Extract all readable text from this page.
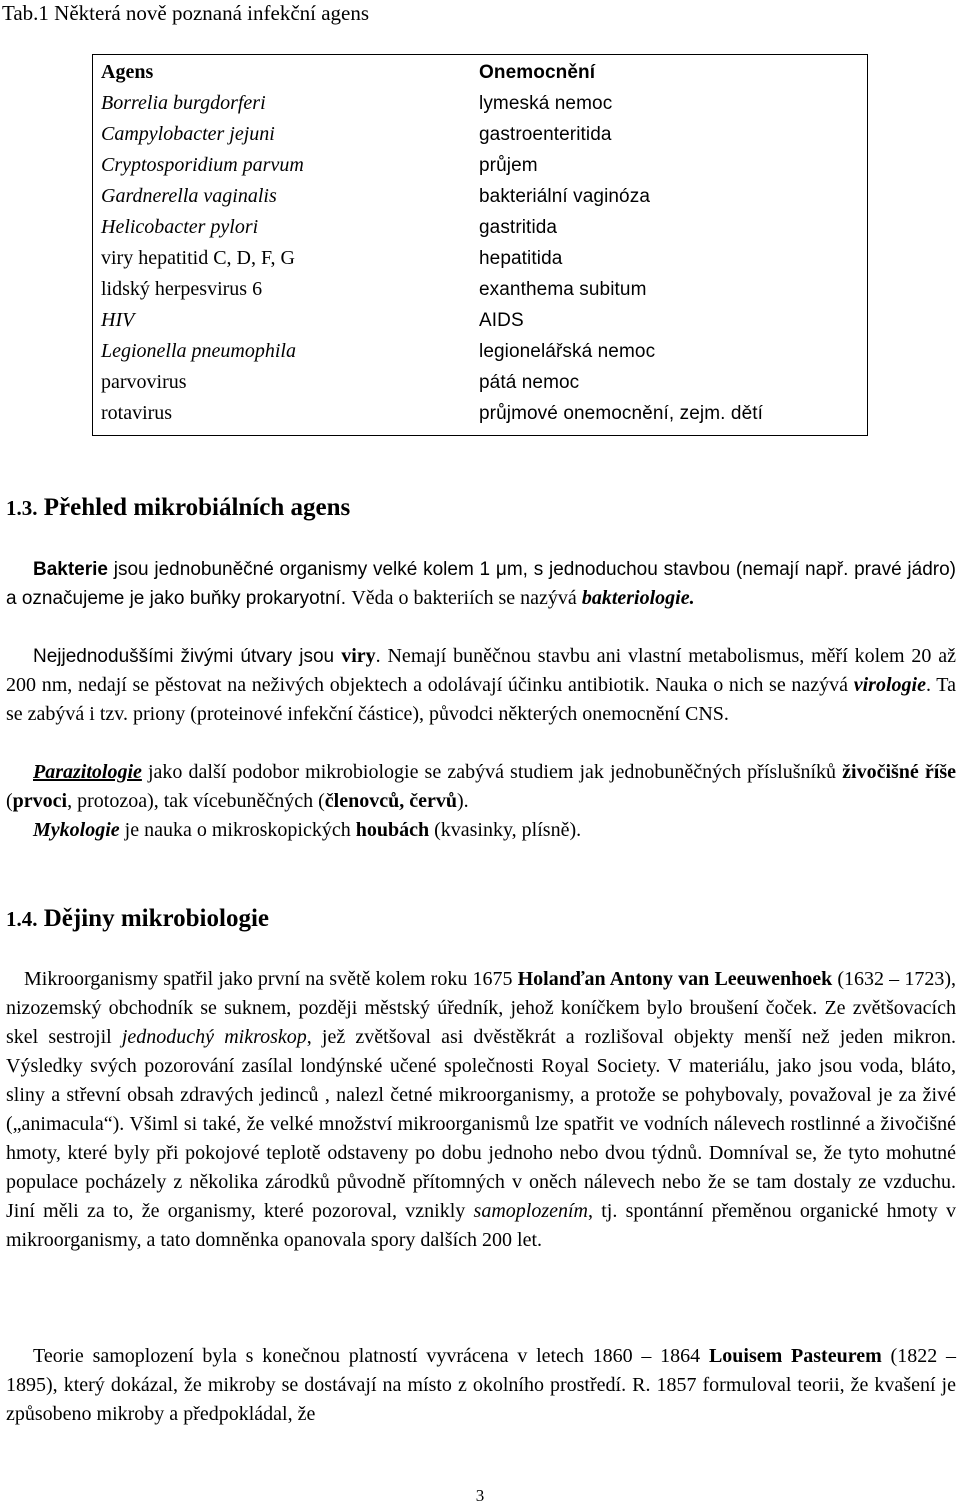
Tab.1 Některá nově poznaná infekční agens
Agens	Onemocnění
Borrelia burgdorferi	lymeská nemoc
Campylobacter jejuni	gastroenteritida
Cryptosporidium parvum	průjem
Gardnerella vaginalis	bakteriální vaginóza
Helicobacter pylori	gastritida
viry hepatitid C, D, F, G	hepatitida
lidský herpesvirus 6	exanthema subitum
HIV	AIDS
Legionella pneumophila	legionelářská nemoc
parvovirus	pátá nemoc
rotavirus	průjmové onemocnění, zejm. dětí
1.3. Přehled mikrobiálních agens
Bakterie jsou jednobuněčné organismy velké kolem 1 μm, s jednoduchou stavbou (nemají např. pravé jádro) a označujeme je jako buňky prokaryotní. Věda o bakteriích se nazývá bakteriologie.
Nejjednoduššími živými útvary jsou viry. Nemají buněčnou stavbu ani vlastní metabolismus, měří kolem 20 až 200 nm, nedají se pěstovat na neživých objektech a odolávají účinku antibiotik. Nauka o nich se nazývá virologie. Ta se zabývá i tzv. priony (proteinové infekční částice), původci některých onemocnění CNS.
Parazitologie jako další podobor mikrobiologie se zabývá studiem jak jednobuněčných příslušníků živočišné říše (prvoci, protozoa), tak vícebuněčných (členovců, červů).
Mykologie je nauka o mikroskopických houbách (kvasinky, plísně).
1.4. Dějiny mikrobiologie
Mikroorganismy spatřil jako první na světě kolem roku 1675 Holanďan Antony van Leeuwenhoek (1632 – 1723), nizozemský obchodník se suknem, později městský úředník, jehož koníčkem bylo broušení čoček. Ze zvětšovacích skel sestrojil jednoduchý mikroskop, jež zvětšoval asi dvěstěkrát a rozlišoval objekty menší než jeden mikron. Výsledky svých pozorování zasílal londýnské učené společnosti Royal Society. V materiálu, jako jsou voda, bláto, sliny a střevní obsah zdravých jedinců , nalezl četné mikroorganismy, a protože se pohybovaly, považoval je za živé („animacula“). Všiml si také, že velké množství mikroorganismů lze spatřit ve vodních nálevech rostlinné a živočišné hmoty, které byly při pokojové teplotě odstaveny po dobu jednoho nebo dvou týdnů. Domníval se, že tyto mohutné populace pocházely z několika zárodků původně přítomných v oněch nálevech nebo že se tam dostaly ze vzduchu. Jiní měli za to, že organismy, které pozoroval, vznikly samoplozením, tj. spontánní přeměnou organické hmoty v mikroorganismy, a tato domněnka opanovala spory dalších 200 let.
Teorie samoplození byla s konečnou platností vyvrácena v letech 1860 – 1864 Louisem Pasteurem (1822 – 1895), který dokázal, že mikroby se dostávají na místo z okolního prostředí. R. 1857 formuloval teorii, že kvašení je způsobeno mikroby a předpokládal, že
3
